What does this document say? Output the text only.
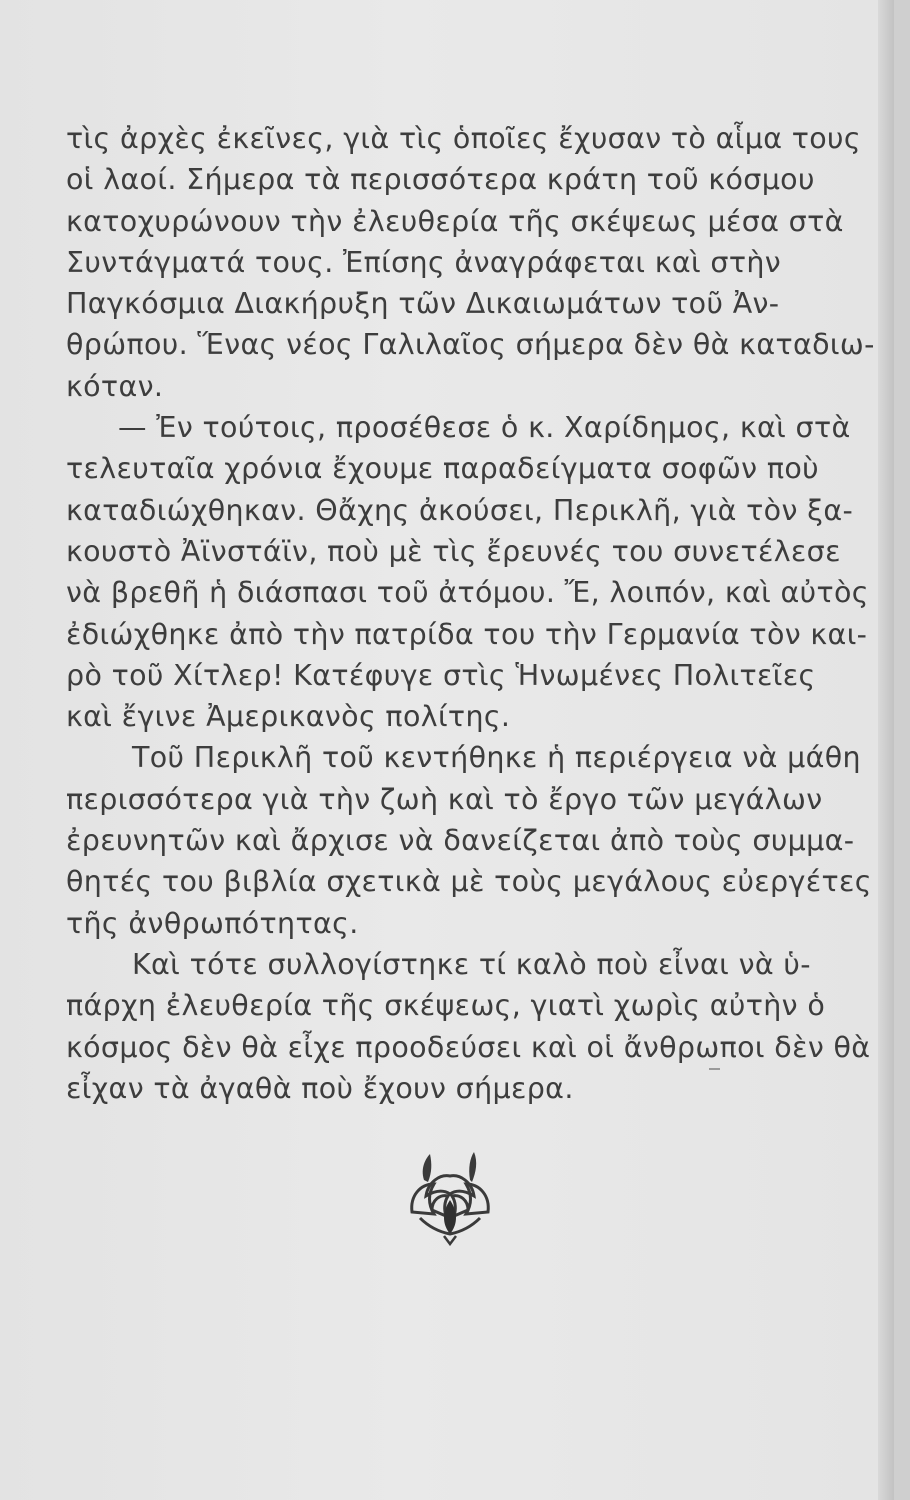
τὶς ἀρχὲς ἐκεῖνες, γιὰ τὶς ὁποῖες ἔχυσαν τὸ αἷμα τους
οἱ λαοί. Σήμερα τὰ περισσότερα κράτη τοῦ κόσμου
κατοχυρώνουν τὴν ἐλευθερία τῆς σκέψεως μέσα στὰ
Συντάγματά τους. Ἐπίσης ἀναγράφεται καὶ στὴν
Παγκόσμια Διακήρυξη τῶν Δικαιωμάτων τοῦ Ἀν-
θρώπου. Ἕνας νέος Γαλιλαῖος σήμερα δὲν θὰ καταδιω-
κόταν.
— Ἐν τούτοις, προσέθεσε ὁ κ. Χαρίδημος, καὶ στὰ
τελευταῖα χρόνια ἔχουμε παραδείγματα σοφῶν ποὺ
καταδιώχθηκαν. Θἄχης ἀκούσει, Περικλῆ, γιὰ τὸν ξα-
κουστὸ Ἀϊνστάϊν, ποὺ μὲ τὶς ἔρευνές του συνετέλεσε
νὰ βρεθῆ ἡ διάσπασι τοῦ ἀτόμου. Ἔ, λοιπόν, καὶ αὐτὸς
ἐδιώχθηκε ἀπὸ τὴν πατρίδα του τὴν Γερμανία τὸν και-
ρὸ τοῦ Χίτλερ! Κατέφυγε στὶς Ἡνωμένες Πολιτεῖες
καὶ ἔγινε Ἀμερικανὸς πολίτης.
Τοῦ Περικλῆ τοῦ κεντήθηκε ἡ περιέργεια νὰ μάθη
περισσότερα γιὰ τὴν ζωὴ καὶ τὸ ἔργο τῶν μεγάλων
ἐρευνητῶν καὶ ἄρχισε νὰ δανείζεται ἀπὸ τοὺς συμμα-
θητές του βιβλία σχετικὰ μὲ τοὺς μεγάλους εὐεργέτες
τῆς ἀνθρωπότητας.
Καὶ τότε συλλογίστηκε τί καλὸ ποὺ εἶναι νὰ ὑ-
πάρχη ἐλευθερία τῆς σκέψεως, γιατὶ χωρὶς αὐτὴν ὁ
κόσμος δὲν θὰ εἶχε προοδεύσει καὶ οἱ ἄνθρωποι δὲν θὰ
εἶχαν τὰ ἀγαθὰ ποὺ ἔχουν σήμερα.
